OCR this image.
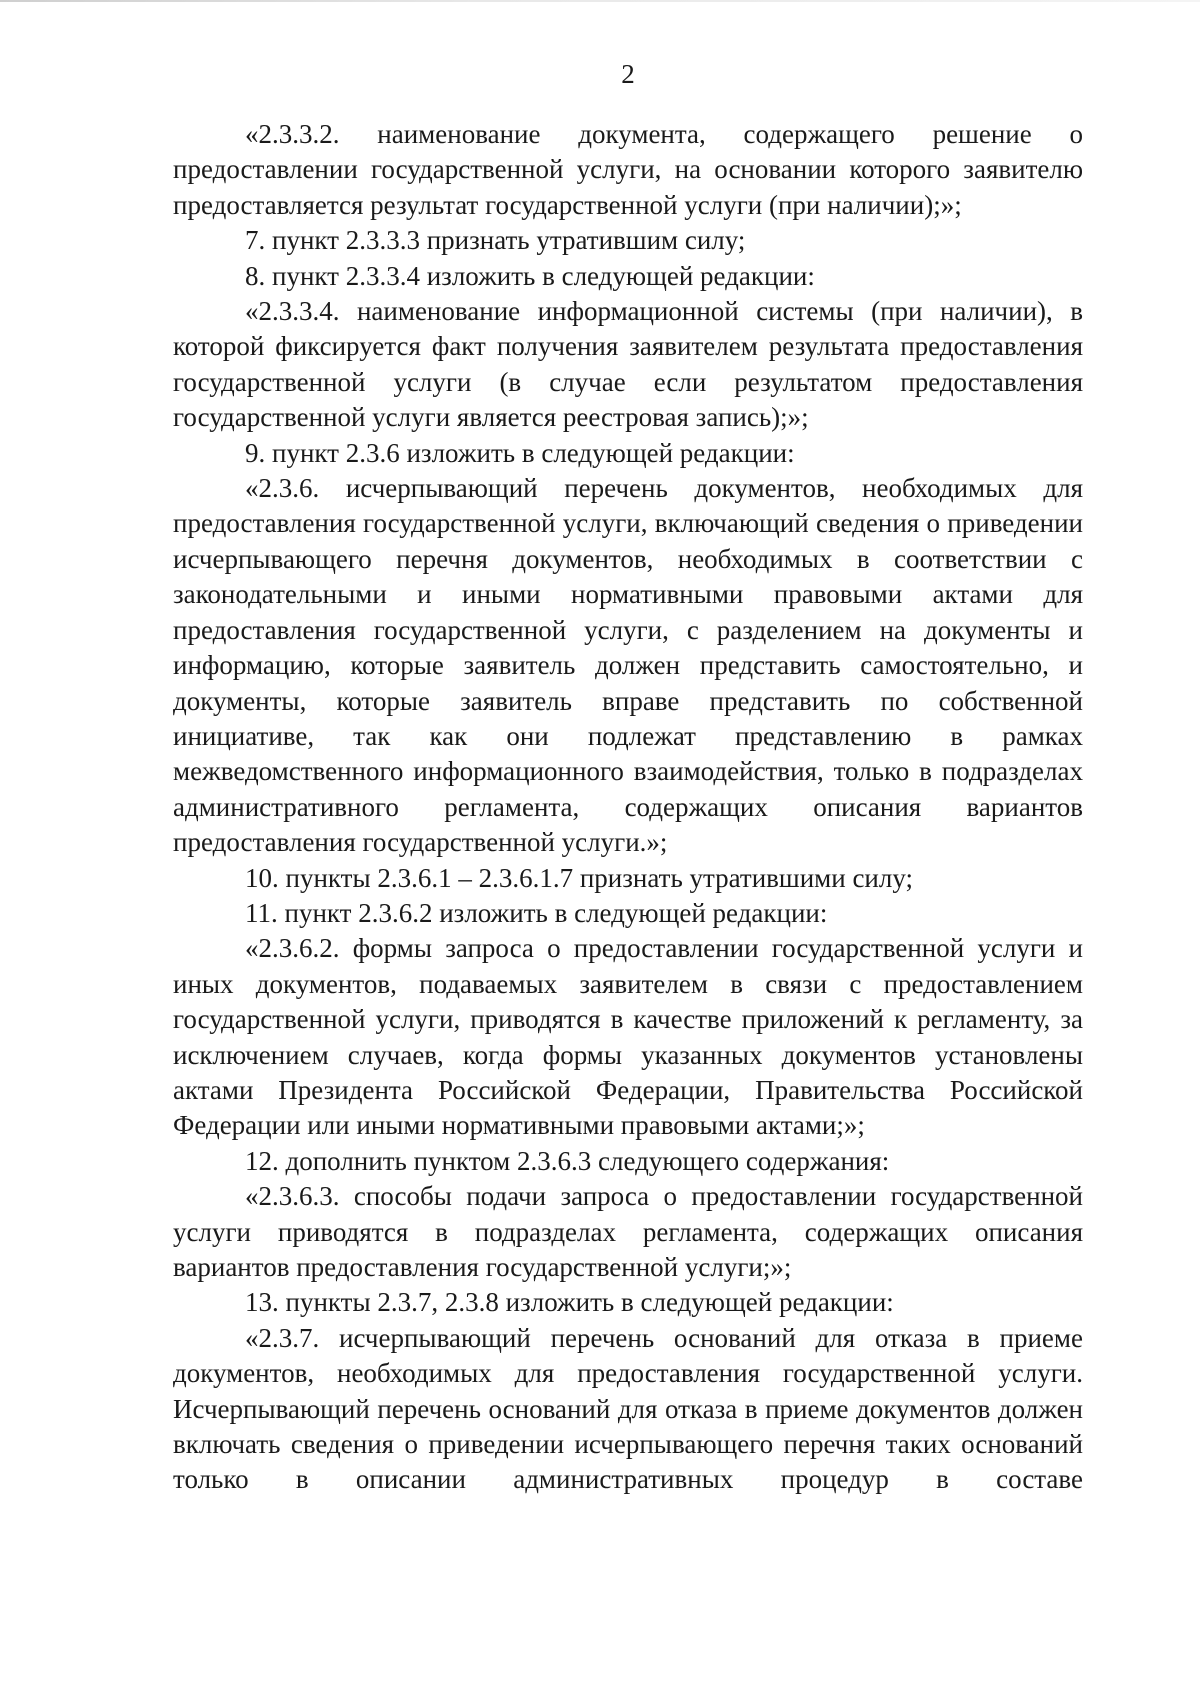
2

«2.3.3.2. наименование документа, содержащего решение о предоставлении государственной услуги, на основании которого заявителю предоставляется результат государственной услуги (при наличии);»;

7. пункт 2.3.3.3 признать утратившим силу;

8. пункт 2.3.3.4 изложить в следующей редакции:

«2.3.3.4. наименование информационной системы (при наличии), в которой фиксируется факт получения заявителем результата предоставления государственной услуги (в случае если результатом предоставления государственной услуги является реестровая запись);»;

9. пункт 2.3.6 изложить в следующей редакции:

«2.3.6. исчерпывающий перечень документов, необходимых для предоставления государственной услуги, включающий сведения о приведении исчерпывающего перечня документов, необходимых в соответствии с законодательными и иными нормативными правовыми актами для предоставления государственной услуги, с разделением на документы и информацию, которые заявитель должен представить самостоятельно, и документы, которые заявитель вправе представить по собственной инициативе, так как они подлежат представлению в рамках межведомственного информационного взаимодействия, только в подразделах административного регламента, содержащих описания вариантов предоставления государственной услуги.»;

10. пункты 2.3.6.1 – 2.3.6.1.7 признать утратившими силу;

11. пункт 2.3.6.2 изложить в следующей редакции:

«2.3.6.2. формы запроса о предоставлении государственной услуги и иных документов, подаваемых заявителем в связи с предоставлением государственной услуги, приводятся в качестве приложений к регламенту, за исключением случаев, когда формы указанных документов установлены актами Президента Российской Федерации, Правительства Российской Федерации или иными нормативными правовыми актами;»;

12. дополнить пунктом 2.3.6.3 следующего содержания:

«2.3.6.3. способы подачи запроса о предоставлении государственной услуги приводятся в подразделах регламента, содержащих описания вариантов предоставления государственной услуги;»;

13. пункты 2.3.7, 2.3.8 изложить в следующей редакции:

«2.3.7. исчерпывающий перечень оснований для отказа в приеме документов, необходимых для предоставления государственной услуги. Исчерпывающий перечень оснований для отказа в приеме документов должен включать сведения о приведении исчерпывающего перечня таких оснований только в описании административных процедур в составе
